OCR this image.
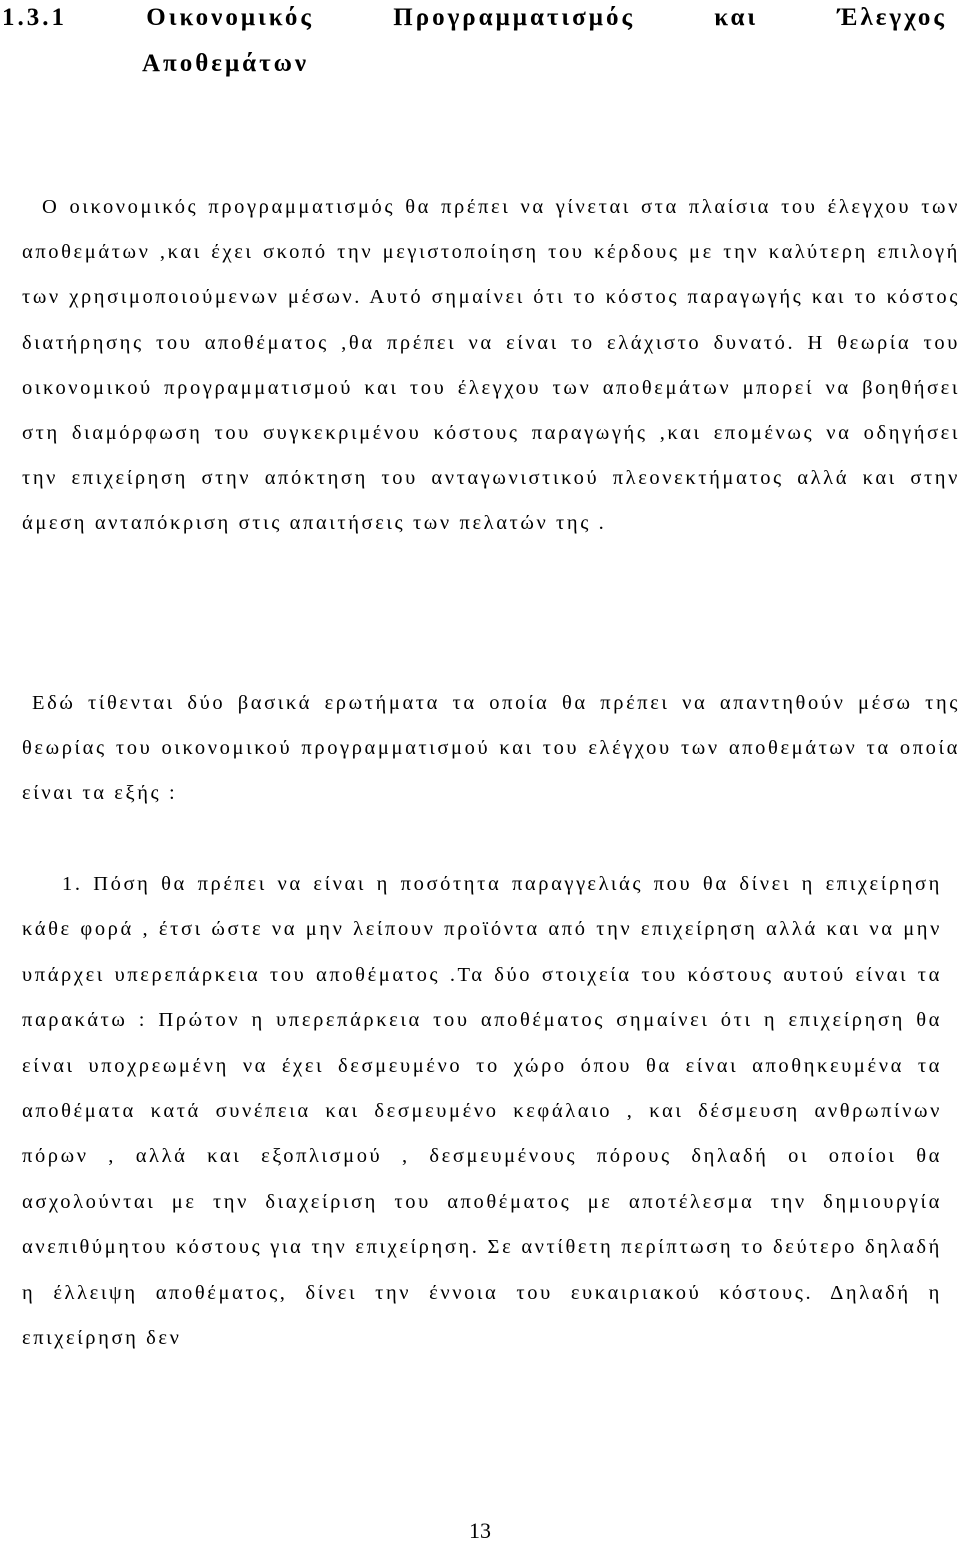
1.3.1	Οικονομικός	Προγραμματισμός	και	Έλεγχος
Αποθεμάτων

Ο οικονομικός προγραμματισμός θα πρέπει να γίνεται στα πλαίσια του έλεγχου των αποθεμάτων ,και έχει σκοπό την μεγιστοποίηση του κέρδους με την καλύτερη επιλογή των χρησιμοποιούμενων μέσων. Αυτό σημαίνει ότι το κόστος παραγωγής και το κόστος διατήρησης του αποθέματος ,θα πρέπει να είναι το ελάχιστο δυνατό. Η θεωρία του οικονομικού προγραμματισμού και του έλεγχου των αποθεμάτων μπορεί να βοηθήσει στη διαμόρφωση του συγκεκριμένου κόστους παραγωγής ,και επομένως να οδηγήσει την επιχείρηση στην απόκτηση του ανταγωνιστικού πλεονεκτήματος αλλά και στην άμεση ανταπόκριση στις απαιτήσεις των πελατών της .

Εδώ τίθενται δύο βασικά ερωτήματα τα οποία θα πρέπει να απαντηθούν μέσω της θεωρίας του οικονομικού προγραμματισμού και του ελέγχου των αποθεμάτων τα οποία είναι τα εξής :

1. Πόση θα πρέπει να είναι η ποσότητα παραγγελιάς που θα δίνει η επιχείρηση κάθε φορά , έτσι ώστε να μην λείπουν προϊόντα από την επιχείρηση αλλά και να μην υπάρχει υπερεπάρκεια του αποθέματος .Τα δύο στοιχεία του κόστους αυτού είναι τα παρακάτω : Πρώτον η υπερεπάρκεια του αποθέματος σημαίνει ότι η επιχείρηση θα είναι υποχρεωμένη να έχει δεσμευμένο το χώρο όπου θα είναι αποθηκευμένα τα αποθέματα κατά συνέπεια και δεσμευμένο κεφάλαιο , και δέσμευση ανθρωπίνων πόρων , αλλά και εξοπλισμού , δεσμευμένους πόρους δηλαδή οι οποίοι θα ασχολούνται με την διαχείριση του αποθέματος με αποτέλεσμα την δημιουργία ανεπιθύμητου κόστους για την επιχείρηση. Σε αντίθετη περίπτωση το δεύτερο δηλαδή η έλλειψη αποθέματος, δίνει την έννοια του ευκαιριακού κόστους. Δηλαδή η επιχείρηση δεν
13
